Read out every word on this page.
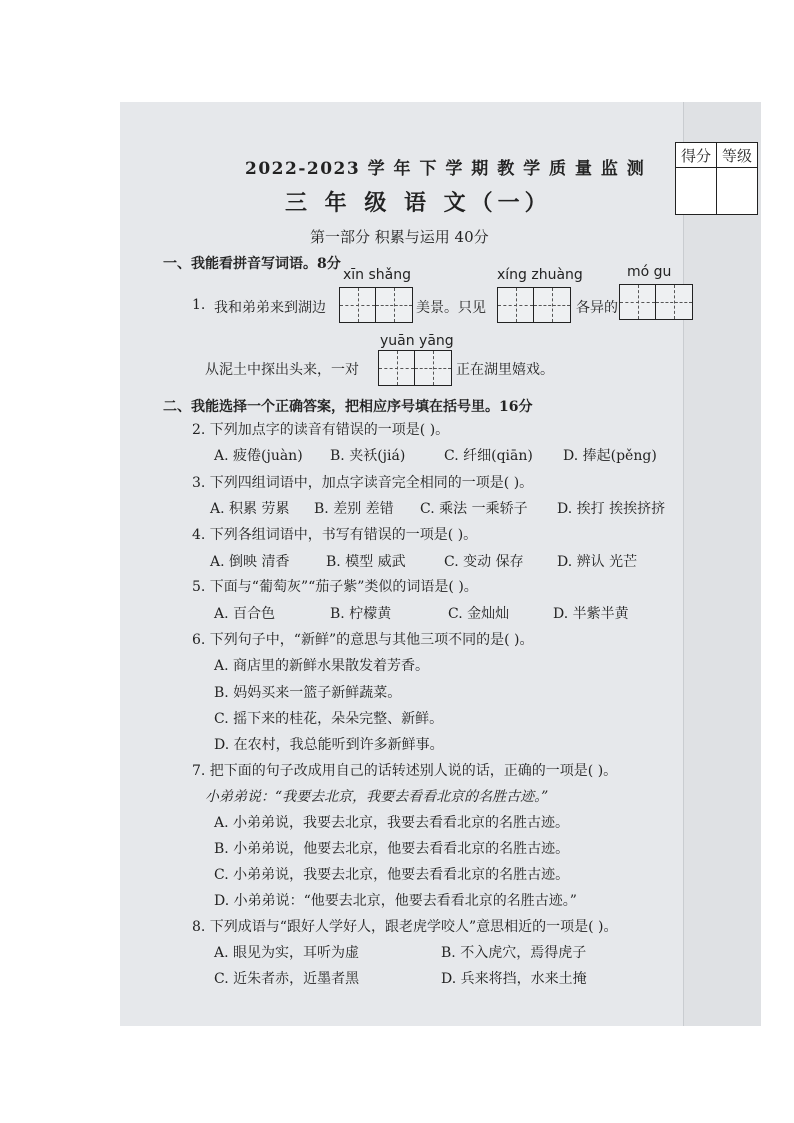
得分	等级

2022-2023 学 年 下 学 期 教 学 质 量 监 测
三 年 级 语 文（一）
第一部分 积累与运用 40分
一、我能看拼音写词语。8分
xīn shǎng	xíng zhuàng	mó gu
1. 我和弟弟来到湖边	美景。只见	各异的
yuān yāng
从泥土中探出头来，一对	正在湖里嬉戏。
二、我能选择一个正确答案，把相应序号填在括号里。16分
2. 下列加点字的读音有错误的一项是( )。
A. 疲倦(juàn) B. 夹袄(jiá)	C. 纤细(qiān) D. 捧起(pěng)
3. 下列四组词语中，加点字读音完全相同的一项是( )。
A. 积累 劳累 B. 差别 差错 C. 乘法 一乘轿子 D. 挨打 挨挨挤挤
4. 下列各组词语中，书写有错误的一项是( )。
A. 倒映 清香	B. 模型 威武	C. 变动 保存 D. 辨认 光芒
5. 下面与“葡萄灰”“茄子紫”类似的词语是( )。
A. 百合色	B. 柠檬黄	C. 金灿灿	D. 半紫半黄
6. 下列句子中，“新鲜”的意思与其他三项不同的是( )。
A. 商店里的新鲜水果散发着芳香。
B. 妈妈买来一篮子新鲜蔬菜。
C. 摇下来的桂花，朵朵完整、新鲜。
D. 在农村，我总能听到许多新鲜事。
7. 把下面的句子改成用自己的话转述别人说的话，正确的一项是( )。
小弟弟说：“我要去北京，我要去看看北京的名胜古迹。”
A. 小弟弟说，我要去北京，我要去看看北京的名胜古迹。
B. 小弟弟说，他要去北京，他要去看看北京的名胜古迹。
C. 小弟弟说，我要去北京，他要去看看北京的名胜古迹。
D. 小弟弟说：“他要去北京，他要去看看北京的名胜古迹。”
8. 下列成语与“跟好人学好人，跟老虎学咬人”意思相近的一项是( )。
A. 眼见为实，耳听为虚	B. 不入虎穴，焉得虎子
C. 近朱者赤，近墨者黑	D. 兵来将挡，水来土掩
